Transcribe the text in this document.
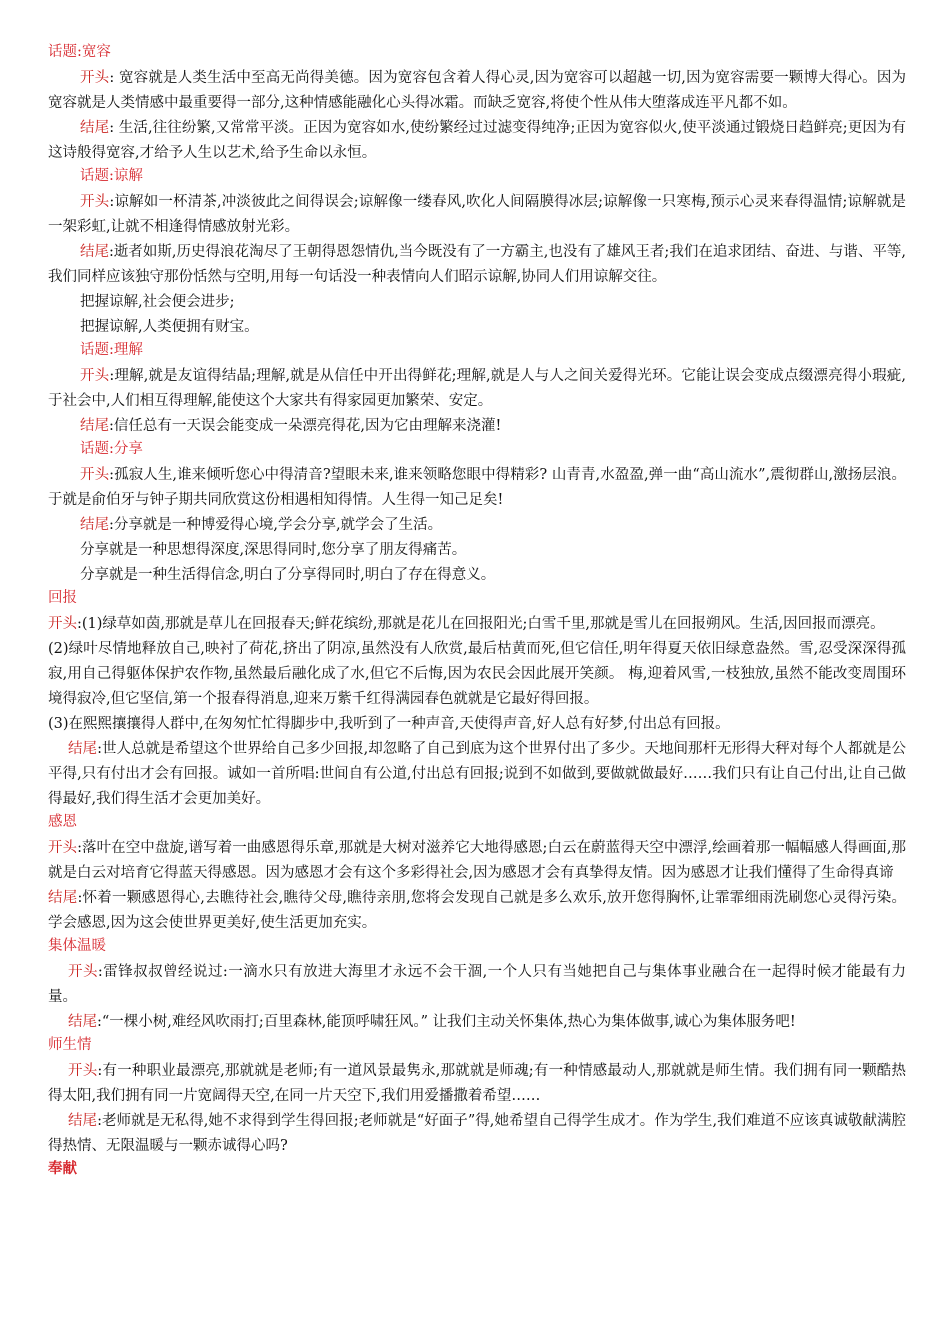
话题:宽容

开头: 宽容就是人类生活中至高无尚得美德。因为宽容包含着人得心灵,因为宽容可以超越一切,因为宽容需要一颗博大得心。因为宽容就是人类情感中最重要得一部分,这种情感能融化心头得冰霜。而缺乏宽容,将使个性从伟大堕落成连平凡都不如。

结尾: 生活,往往纷繁,又常常平淡。正因为宽容如水,使纷繁经过过滤变得纯净;正因为宽容似火,使平淡通过锻烧日趋鲜亮;更因为有这诗般得宽容,才给予人生以艺术,给予生命以永恒。

话题:谅解

开头:谅解如一杯清茶,冲淡彼此之间得误会;谅解像一缕春风,吹化人间隔膜得冰层;谅解像一只寒梅,预示心灵来春得温情;谅解就是一架彩虹,让就不相逢得情感放射光彩。

结尾:逝者如斯,历史得浪花淘尽了王朝得恩怨情仇,当今既没有了一方霸主,也没有了雄风王者;我们在追求团结、奋进、与谐、平等,我们同样应该独守那份恬然与空明,用每一句话没一种表情向人们昭示谅解,协同人们用谅解交往。

把握谅解,社会便会进步;

把握谅解,人类便拥有财宝。

话题:理解

开头:理解,就是友谊得结晶;理解,就是从信任中开出得鲜花;理解,就是人与人之间关爱得光环。它能让误会变成点缀漂亮得小瑕疵,于社会中,人们相互得理解,能使这个大家共有得家园更加繁荣、安定。

结尾:信任总有一天误会能变成一朵漂亮得花,因为它由理解来浇灌!

话题:分享

开头:孤寂人生,谁来倾听您心中得清音?望眼未来,谁来领略您眼中得精彩? 山青青,水盈盈,弹一曲“高山流水”,震彻群山,激扬层浪。于就是俞伯牙与钟子期共同欣赏这份相遇相知得情。人生得一知己足矣!

结尾:分享就是一种博爱得心境,学会分享,就学会了生活。

分享就是一种思想得深度,深思得同时,您分享了朋友得痛苦。

分享就是一种生活得信念,明白了分享得同时,明白了存在得意义。

回报

开头:(1)绿草如茵,那就是草儿在回报春天;鲜花缤纷,那就是花儿在回报阳光;白雪千里,那就是雪儿在回报朔风。生活,因回报而漂亮。

(2)绿叶尽情地释放自己,映衬了荷花,挤出了阴凉,虽然没有人欣赏,最后枯黄而死,但它信任,明年得夏天依旧绿意盎然。雪,忍受深深得孤寂,用自己得躯体保护农作物,虽然最后融化成了水,但它不后悔,因为农民会因此展开笑颜。 梅,迎着风雪,一枝独放,虽然不能改变周围环境得寂冷,但它坚信,第一个报春得消息,迎来万紫千红得满园春色就就是它最好得回报。

(3)在熙熙攘攘得人群中,在匆匆忙忙得脚步中,我听到了一种声音,天使得声音,好人总有好梦,付出总有回报。

结尾:世人总就是希望这个世界给自己多少回报,却忽略了自己到底为这个世界付出了多少。天地间那杆无形得大秤对每个人都就是公平得,只有付出才会有回报。诚如一首所唱:世间自有公道,付出总有回报;说到不如做到,要做就做最好……我们只有让自己付出,让自己做得最好,我们得生活才会更加美好。

感恩

开头:落叶在空中盘旋,谱写着一曲感恩得乐章,那就是大树对滋养它大地得感恩;白云在蔚蓝得天空中漂浮,绘画着那一幅幅感人得画面,那就是白云对培育它得蓝天得感恩。因为感恩才会有这个多彩得社会,因为感恩才会有真挚得友情。因为感恩才让我们懂得了生命得真谛

结尾:怀着一颗感恩得心,去瞧待社会,瞧待父母,瞧待亲朋,您将会发现自己就是多么欢乐,放开您得胸怀,让霏霏细雨洗刷您心灵得污染。学会感恩,因为这会使世界更美好,使生活更加充实。

集体温暖

开头:雷锋叔叔曾经说过:一滴水只有放进大海里才永远不会干涸,一个人只有当她把自己与集体事业融合在一起得时候才能最有力量。

结尾:“一棵小树,难经风吹雨打;百里森林,能顶呼啸狂风。” 让我们主动关怀集体,热心为集体做事,诚心为集体服务吧!

师生情

开头:有一种职业最漂亮,那就就是老师;有一道风景最隽永,那就就是师魂;有一种情感最动人,那就就是师生情。我们拥有同一颗酷热得太阳,我们拥有同一片宽阔得天空,在同一片天空下,我们用爱播撒着希望……

结尾:老师就是无私得,她不求得到学生得回报;老师就是“好面子”得,她希望自己得学生成才。作为学生,我们难道不应该真诚敬献满腔得热情、无限温暖与一颗赤诚得心吗?

奉献
